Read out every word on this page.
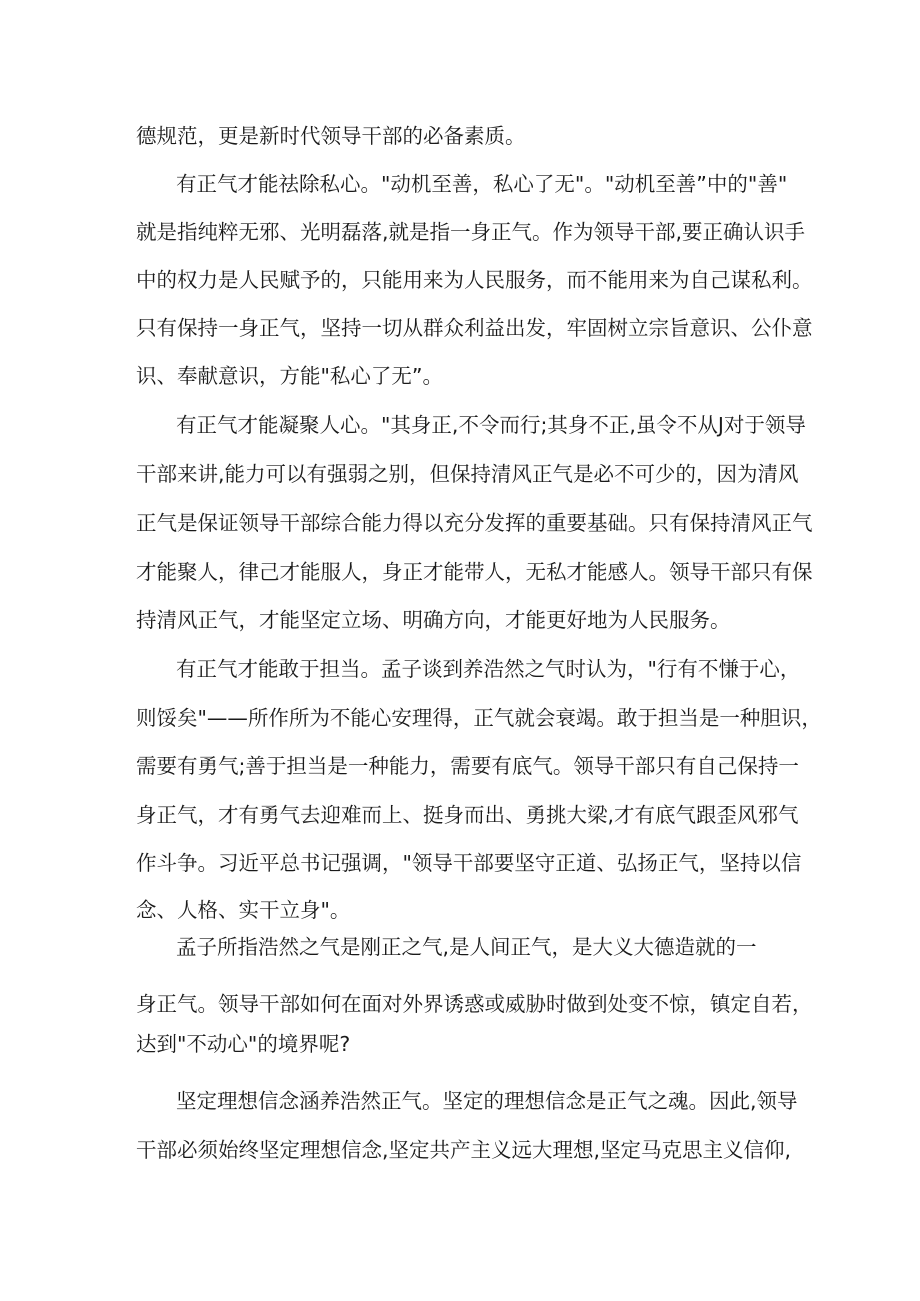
德规范，更是新时代领导干部的必备素质。
有正气才能祛除私心。"动机至善，私心了无"。"动机至善”中的"善"
就是指纯粹无邪、光明磊落,就是指一身正气。作为领导干部,要正确认识手
中的权力是人民赋予的，只能用来为人民服务，而不能用来为自己谋私利。
只有保持一身正气，坚持一切从群众利益出发，牢固树立宗旨意识、公仆意
识、奉献意识，方能"私心了无”。
有正气才能凝聚人心。"其身正,不令而行;其身不正,虽令不从J对于领导
干部来讲,能力可以有强弱之别，但保持清风正气是必不可少的，因为清风
正气是保证领导干部综合能力得以充分发挥的重要基础。只有保持清风正气
才能聚人，律己才能服人，身正才能带人，无私才能感人。领导干部只有保
持清风正气，才能坚定立场、明确方向，才能更好地为人民服务。
有正气才能敢于担当。孟子谈到养浩然之气时认为，"行有不慊于心，
则馁矣"——所作所为不能心安理得，正气就会衰竭。敢于担当是一种胆识，
需要有勇气;善于担当是一种能力，需要有底气。领导干部只有自己保持一
身正气，才有勇气去迎难而上、挺身而出、勇挑大梁,才有底气跟歪风邪气
作斗争。习近平总书记强调，"领导干部要坚守正道、弘扬正气，坚持以信
念、人格、实干立身"。
孟子所指浩然之气是刚正之气,是人间正气，是大义大德造就的一
身正气。领导干部如何在面对外界诱惑或威胁时做到处变不惊，镇定自若，
达到"不动心"的境界呢?
坚定理想信念涵养浩然正气。坚定的理想信念是正气之魂。因此,领导
干部必须始终坚定理想信念,坚定共产主义远大理想,坚定马克思主义信仰,
